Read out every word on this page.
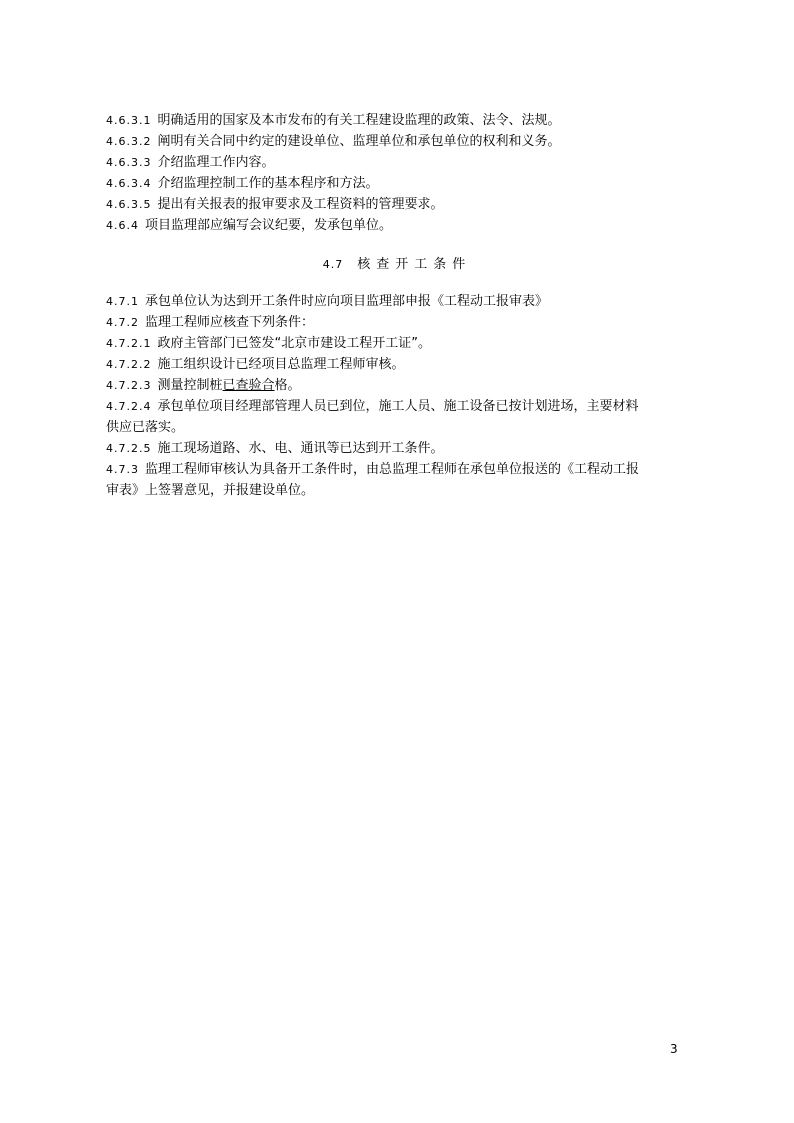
4.6.3.1 明确适用的国家及本市发布的有关工程建设监理的政策、法令、法规。
4.6.3.2 阐明有关合同中约定的建设单位、监理单位和承包单位的权利和义务。
4.6.3.3 介绍监理工作内容。
4.6.3.4 介绍监理控制工作的基本程序和方法。
4.6.3.5 提出有关报表的报审要求及工程资料的管理要求。
4.6.4 项目监理部应编写会议纪要，发承包单位。
4.7 核查开工条件
4.7.1 承包单位认为达到开工条件时应向项目监理部申报《工程动工报审表》
4.7.2 监理工程师应核查下列条件：
4.7.2.1 政府主管部门已签发“北京市建设工程开工证”。
4.7.2.2 施工组织设计已经项目总监理工程师审核。
4.7.2.3 测量控制桩已查验合格。
4.7.2.4 承包单位项目经理部管理人员已到位，施工人员、施工设备已按计划进场，主要材料
供应已落实。
4.7.2.5 施工现场道路、水、电、通讯等已达到开工条件。
4.7.3 监理工程师审核认为具备开工条件时，由总监理工程师在承包单位报送的《工程动工报
审表》上签署意见，并报建设单位。
3
